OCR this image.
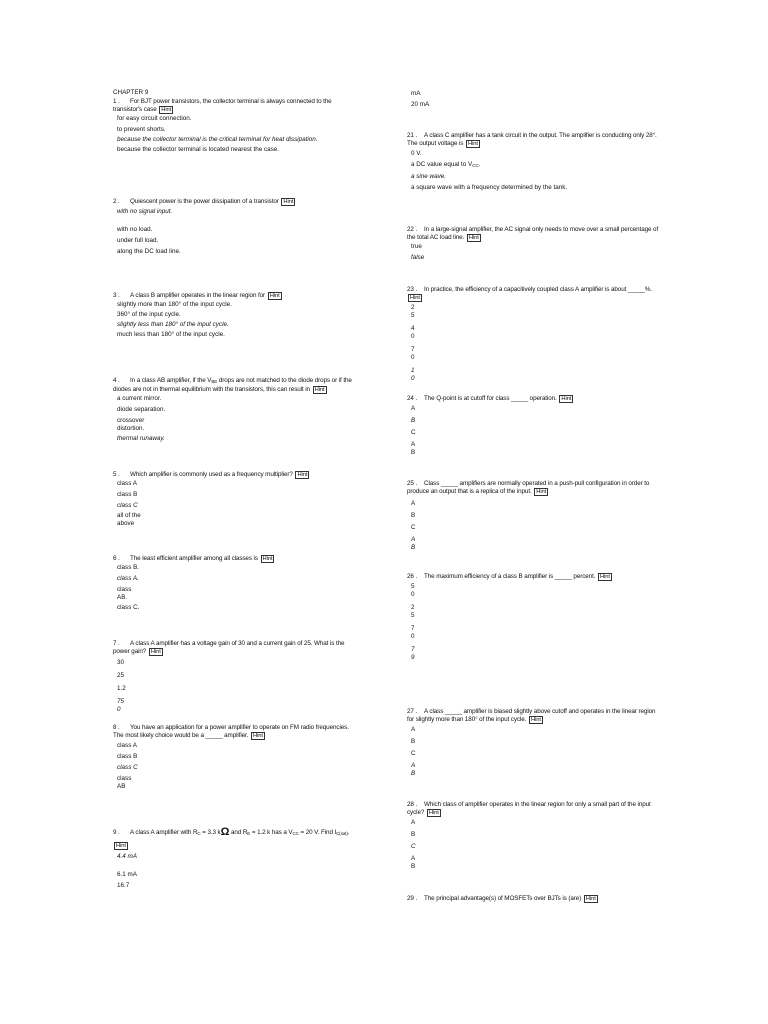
CHAPTER 9
1 . For BJT power transistors, the collector terminal is always connected to the transistor's case Hint
for easy circuit connection.
to prevent shorts.
because the collector terminal is the critical terminal for heat dissipation.
because the collector terminal is located nearest the case.
2 . Quiescent power is the power dissipation of a transistor Hint
with no signal input.
with no load.
under full load.
along the DC load line.
3 . A class B amplifier operates in the linear region for Hint
slightly more than 180° of the input cycle.
360° of the input cycle.
slightly less than 180° of the input cycle.
much less than 180° of the input cycle.
4 . In a class AB amplifier, if the $V_{BE}$ drops are not matched to the diode drops or if the diodes are not in thermal equilibrium with the transistors, this can result in Hint
a current mirror.
diode separation.
crossover distortion.
thermal runaway.
5 . Which amplifier is commonly used as a frequency multiplier? Hint
class A
class B
class C
all of the above
6 . The least efficient amplifier among all classes is Hint
class B.
class A.
class AB.
class C.
7 . A class A amplifier has a voltage gain of 30 and a current gain of 25. What is the power gain? Hint
30
25
1.2
750
8 . You have an application for a power amplifier to operate on FM radio frequencies. The most likely choice would be a _____ amplifier. Hint
class A
class B
class C
class AB
9 . A class A amplifier with $R_C = 3.3$ kΩ and $R_E = 1.2$ k has a $V_{CC} = 20$ V. Find $I_{C(sat)}$. Hint
4.4 mA
6.1 mA
16.7
mA
20 mA
21 . A class C amplifier has a tank circuit in the output. The amplifier is conducting only 28°. The output voltage is Hint
0 V.
a DC value equal to $V_{CC}$.
a sine wave.
a square wave with a frequency determined by the tank.
22 . In a large-signal amplifier, the AC signal only needs to move over a small percentage of the total AC load line. Hint
true
false
23 . In practice, the efficiency of a capacitively coupled class A amplifier is about _____%. Hint
25
40
70
10
24 . The Q-point is at cutoff for class _____ operation. Hint
A
B
C
AB
25 . Class _____ amplifiers are normally operated in a push-pull configuration in order to produce an output that is a replica of the input. Hint
A
B
C
AB
26 . The maximum efficiency of a class B amplifier is _____ percent. Hint
50
25
70
79
27 . A class _____ amplifier is biased slightly above cutoff and operates in the linear region for slightly more than 180° of the input cycle. Hint
A
B
C
AB
28 . Which class of amplifier operates in the linear region for only a small part of the input cycle? Hint
A
B
C
AB
29 . The principal advantage(s) of MOSFETs over BJTs is (are) Hint
